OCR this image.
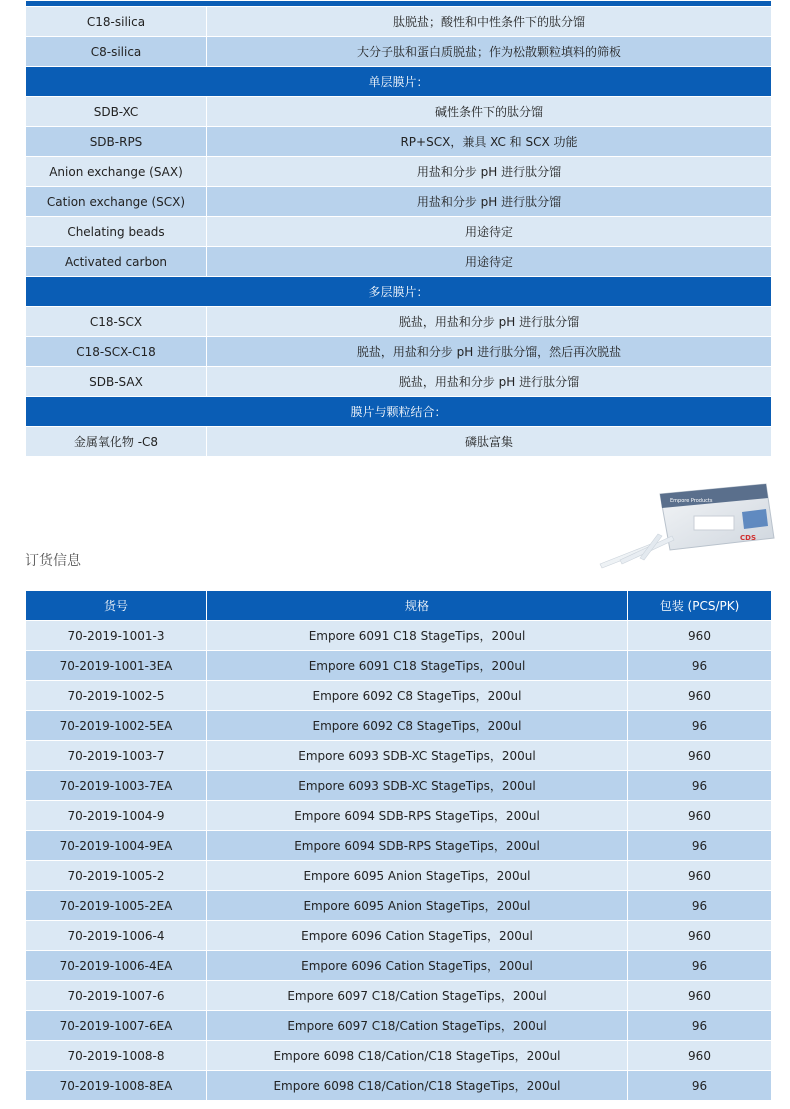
C18-silica	肽脱盐；酸性和中性条件下的肽分馏
C8-silica	大分子肽和蛋白质脱盐；作为松散颗粒填料的筛板
单层膜片：	
SDB-XC	碱性条件下的肽分馏
SDB-RPS	RP+SCX，兼具 XC 和 SCX 功能
Anion exchange (SAX)	用盐和分步 pH 进行肽分馏
Cation exchange (SCX)	用盐和分步 pH 进行肽分馏
Chelating beads	用途待定
Activated carbon	用途待定
多层膜片：	
C18-SCX	脱盐，用盐和分步 pH 进行肽分馏
C18-SCX-C18	脱盐，用盐和分步 pH 进行肽分馏，然后再次脱盐
SDB-SAX	脱盐，用盐和分步 pH 进行肽分馏
膜片与颗粒结合：	
金属氧化物 -C8	磷肽富集
Empore Products
CDS
订货信息
货号	规格	包装 (PCS/PK)
70-2019-1001-3	Empore 6091 C18 StageTips，200ul	960
70-2019-1001-3EA	Empore 6091 C18 StageTips，200ul	96
70-2019-1002-5	Empore 6092 C8 StageTips，200ul	960
70-2019-1002-5EA	Empore 6092 C8 StageTips，200ul	96
70-2019-1003-7	Empore 6093 SDB-XC StageTips，200ul	960
70-2019-1003-7EA	Empore 6093 SDB-XC StageTips，200ul	96
70-2019-1004-9	Empore 6094 SDB-RPS StageTips，200ul	960
70-2019-1004-9EA	Empore 6094 SDB-RPS StageTips，200ul	96
70-2019-1005-2	Empore 6095 Anion StageTips，200ul	960
70-2019-1005-2EA	Empore 6095 Anion StageTips，200ul	96
70-2019-1006-4	Empore 6096 Cation StageTips，200ul	960
70-2019-1006-4EA	Empore 6096 Cation StageTips，200ul	96
70-2019-1007-6	Empore 6097 C18/Cation StageTips，200ul	960
70-2019-1007-6EA	Empore 6097 C18/Cation StageTips，200ul	96
70-2019-1008-8	Empore 6098 C18/Cation/C18 StageTips，200ul	960
70-2019-1008-8EA	Empore 6098 C18/Cation/C18 StageTips，200ul	96
